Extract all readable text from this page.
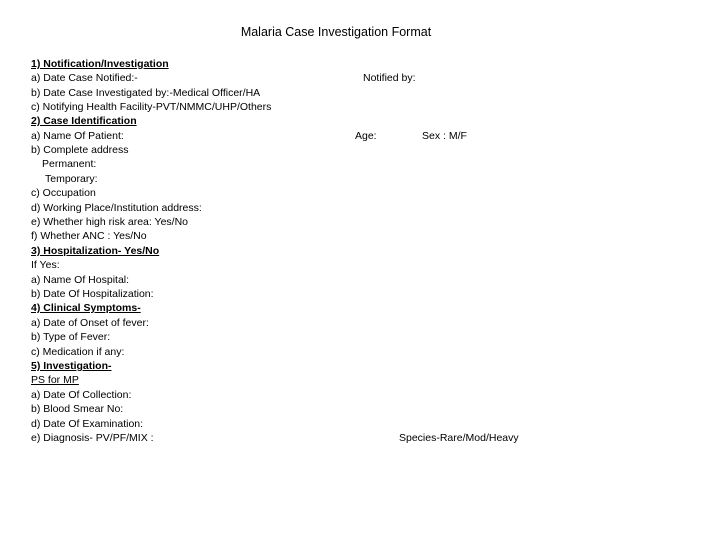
Malaria Case Investigation Format
1) Notification/Investigation
a) Date Case Notified:-
b) Date Case Investigated by:-Medical Officer/HA
c) Notifying Health Facility-PVT/NMMC/UHP/Others
2) Case Identification
a) Name Of Patient:
b) Complete address
Permanent:
Temporary:
c) Occupation
d) Working Place/Institution address:
e) Whether high risk area: Yes/No
f) Whether ANC : Yes/No
3) Hospitalization- Yes/No
If Yes:
a) Name Of Hospital:
b) Date Of Hospitalization:
4) Clinical Symptoms-
a) Date of Onset of fever:
b) Type of Fever:
c) Medication if any:
5) Investigation-
PS for MP
a) Date Of Collection:
b) Blood Smear No:
d) Date Of Examination:
e) Diagnosis- PV/PF/MIX :
Notified by:
Age:	Sex : M/F
Species-Rare/Mod/Heavy
